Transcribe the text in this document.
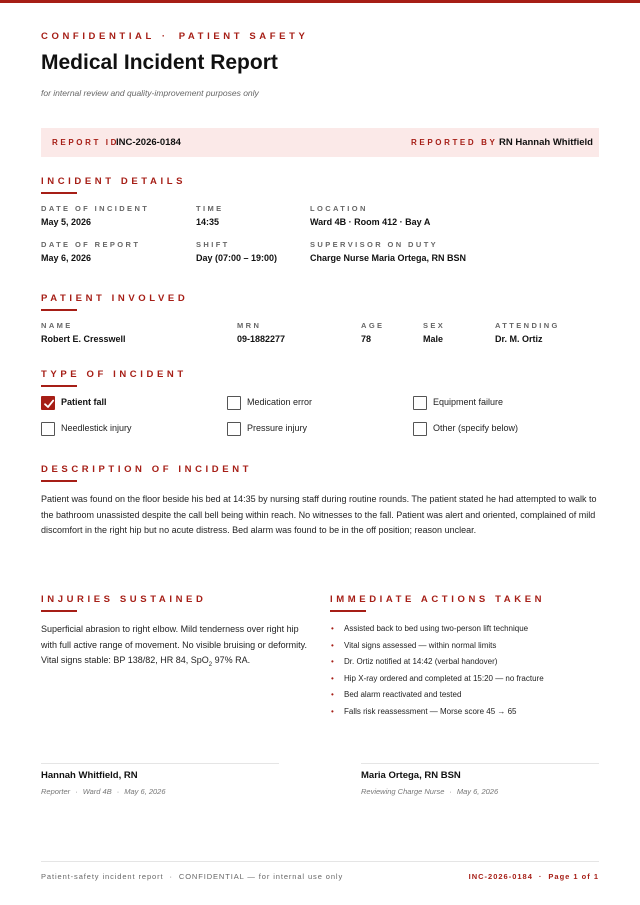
CONFIDENTIAL · PATIENT SAFETY
Medical Incident Report
for internal review and quality-improvement purposes only
REPORT ID
INC-2026-0184	REPORTED BY RN Hannah Whitfield
INCIDENT DETAILS
DATE OF INCIDENT
May 5, 2026
TIME
14:35
LOCATION
Ward 4B · Room 412 · Bay A
DATE OF REPORT
May 6, 2026
SHIFT
Day (07:00 – 19:00)
SUPERVISOR ON DUTY
Charge Nurse Maria Ortega, RN BSN
PATIENT INVOLVED
NAME
Robert E. Cresswell
MRN
09-1882277
AGE
78
SEX
Male
ATTENDING
Dr. M. Ortiz
TYPE OF INCIDENT
Patient fall	Medication error	Equipment failure
Needlestick injury	Pressure injury	Other (specify below)
DESCRIPTION OF INCIDENT
Patient was found on the floor beside his bed at 14:35 by nursing staff during routine rounds. The patient stated he had attempted to walk to the bathroom unassisted despite the call bell being within reach. No witnesses to the fall. Patient was alert and oriented, complained of mild discomfort in the right hip but no acute distress. Bed alarm was found to be in the off position; reason unclear.
INJURIES SUSTAINED
Superficial abrasion to right elbow. Mild tenderness over right hip with full active range of movement. No visible bruising or deformity. Vital signs stable: BP 138/82, HR 84, SpO$_2$ 97% RA.
IMMEDIATE ACTIONS TAKEN
• Assisted back to bed using two-person lift technique
• Vital signs assessed — within normal limits
• Dr. Ortiz notified at 14:42 (verbal handover)
• Hip X-ray ordered and completed at 15:20 — no fracture
• Bed alarm reactivated and tested
• Falls risk reassessment — Morse score 45 → 65
Hannah Whitfield, RN
Reporter · Ward 4B · May 6, 2026
Maria Ortega, RN BSN
Reviewing Charge Nurse · May 6, 2026
Patient-safety incident report · CONFIDENTIAL — for internal use only	INC-2026-0184 · Page 1 of 1
